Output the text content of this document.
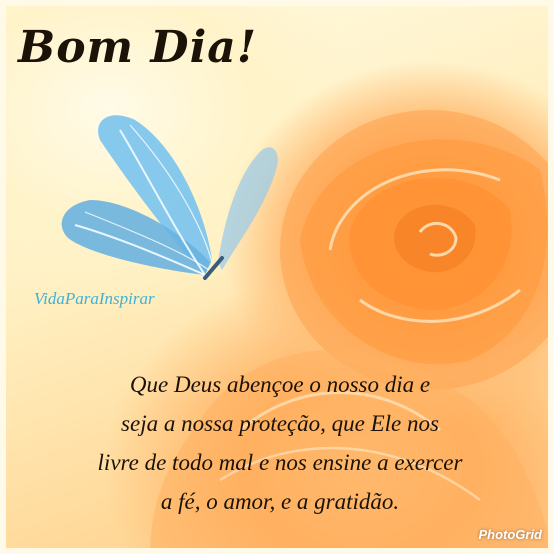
Bom Dia!
VidaParaInspirar

Que Deus abençoe o nosso dia e
seja a nossa proteção, que Ele nos
livre de todo mal e nos ensine a exercer
a fé, o amor, e a gratidão.

PhotoGrid
